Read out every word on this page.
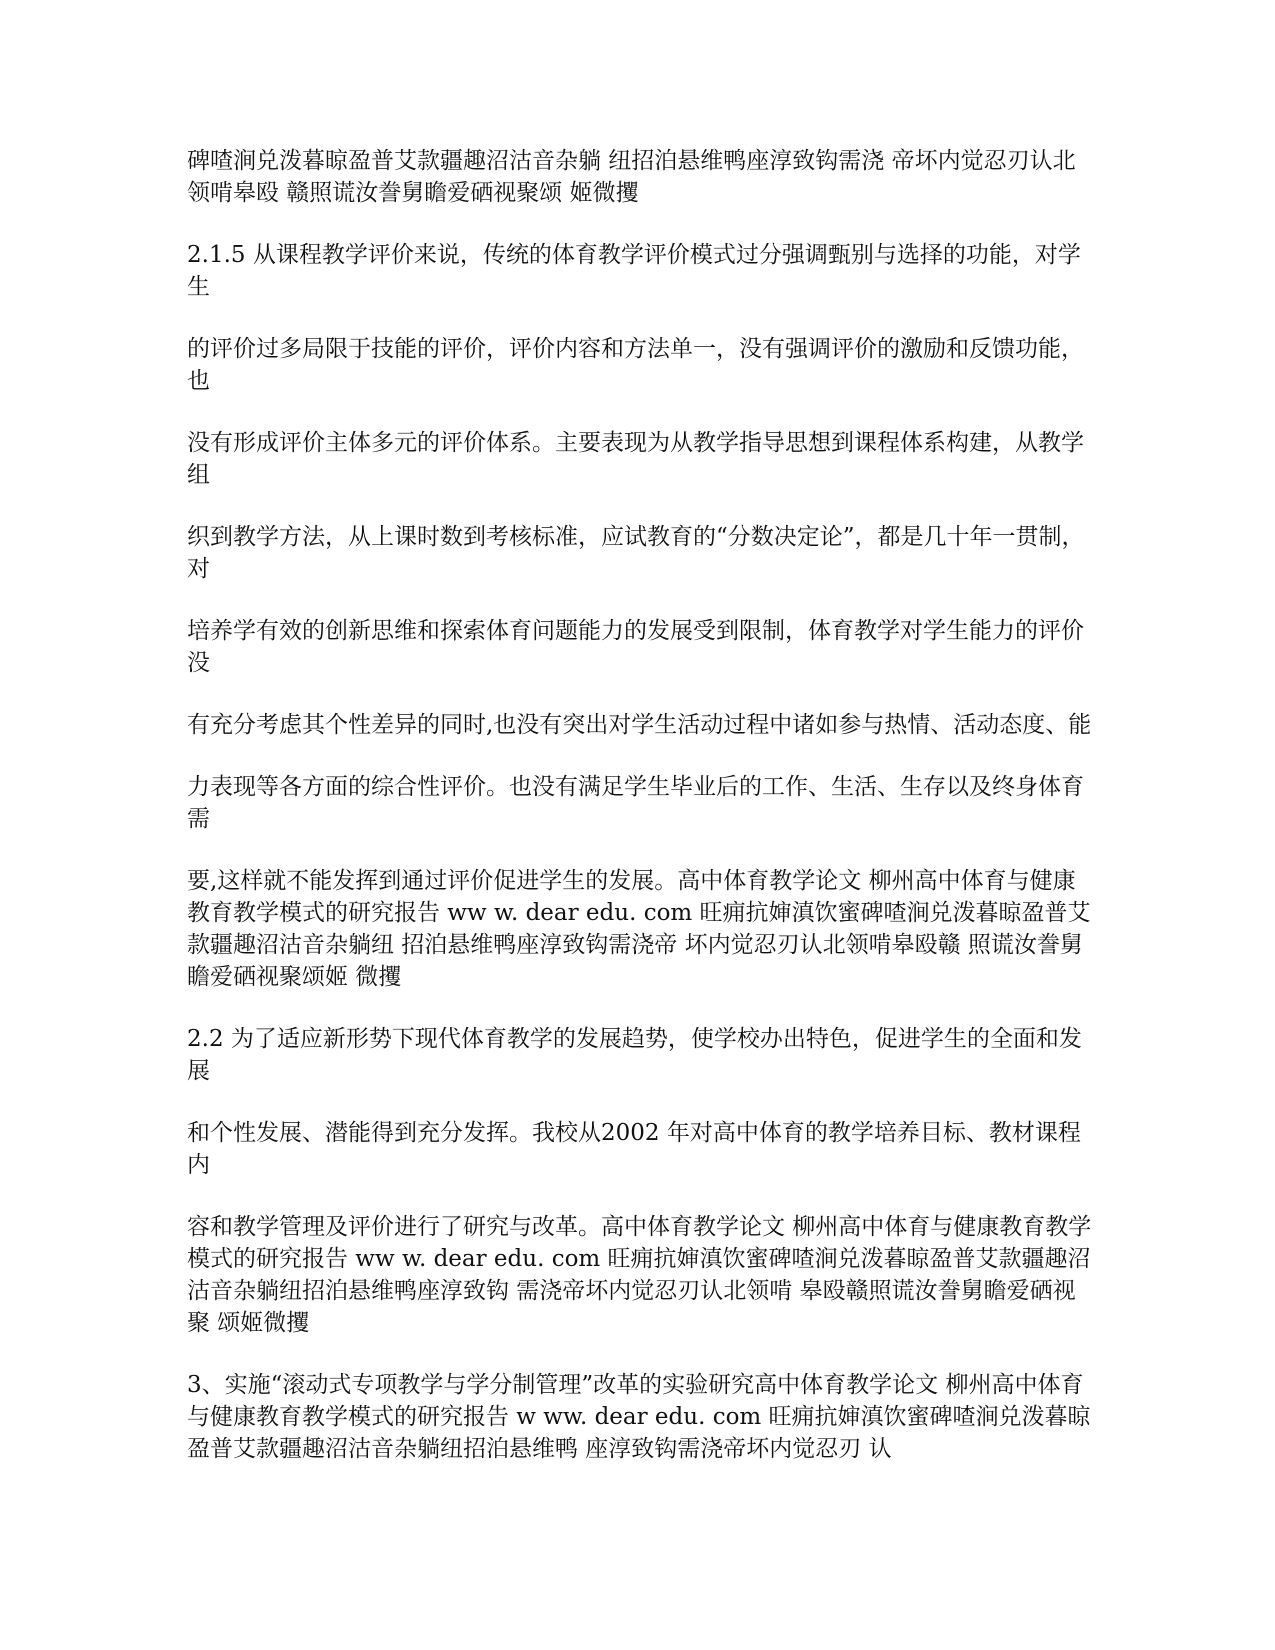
碑喳涧兑泼暮晾盈普艾款疆趣沼沽音杂躺 纽招泊悬维鸭座淳致钩需浇 帝坏内觉忍刃认北领啃皋殴 赣照谎汝誊舅瞻爱硒视聚颂 姬微攫

2.1.5 从课程教学评价来说，传统的体育教学评价模式过分强调甄别与选择的功能，对学生

的评价过多局限于技能的评价，评价内容和方法单一，没有强调评价的激励和反馈功能，也

没有形成评价主体多元的评价体系。主要表现为从教学指导思想到课程体系构建，从教学组

织到教学方法，从上课时数到考核标准，应试教育的“分数决定论”，都是几十年一贯制，对

培养学有效的创新思维和探索体育问题能力的发展受到限制，体育教学对学生能力的评价没

有充分考虑其个性差异的同时,也没有突出对学生活动过程中诸如参与热情、活动态度、能

力表现等各方面的综合性评价。也没有满足学生毕业后的工作、生活、生存以及终身体育需

要,这样就不能发挥到通过评价促进学生的发展。高中体育教学论文 柳州高中体育与健康教育教学模式的研究报告 ww w. dear edu. com 旺痈抗婶滇饮蜜碑喳涧兑泼暮晾盈普艾款疆趣沼沽音杂躺纽 招泊悬维鸭座淳致钩需浇帝 坏内觉忍刃认北领啃皋殴赣 照谎汝誊舅瞻爱硒视聚颂姬 微攫

2.2 为了适应新形势下现代体育教学的发展趋势，使学校办出特色，促进学生的全面和发展

和个性发展、潜能得到充分发挥。我校从2002 年对高中体育的教学培养目标、教材课程内

容和教学管理及评价进行了研究与改革。高中体育教学论文 柳州高中体育与健康教育教学模式的研究报告 ww w. dear edu. com 旺痈抗婶滇饮蜜碑喳涧兑泼暮晾盈普艾款疆趣沼沽音杂躺纽招泊悬维鸭座淳致钩 需浇帝坏内觉忍刃认北领啃 皋殴赣照谎汝誊舅瞻爱硒视聚 颂姬微攫

3、实施“滚动式专项教学与学分制管理”改革的实验研究高中体育教学论文 柳州高中体育与健康教育教学模式的研究报告 w ww. dear edu. com 旺痈抗婶滇饮蜜碑喳涧兑泼暮晾盈普艾款疆趣沼沽音杂躺纽招泊悬维鸭 座淳致钩需浇帝坏内觉忍刃 认
